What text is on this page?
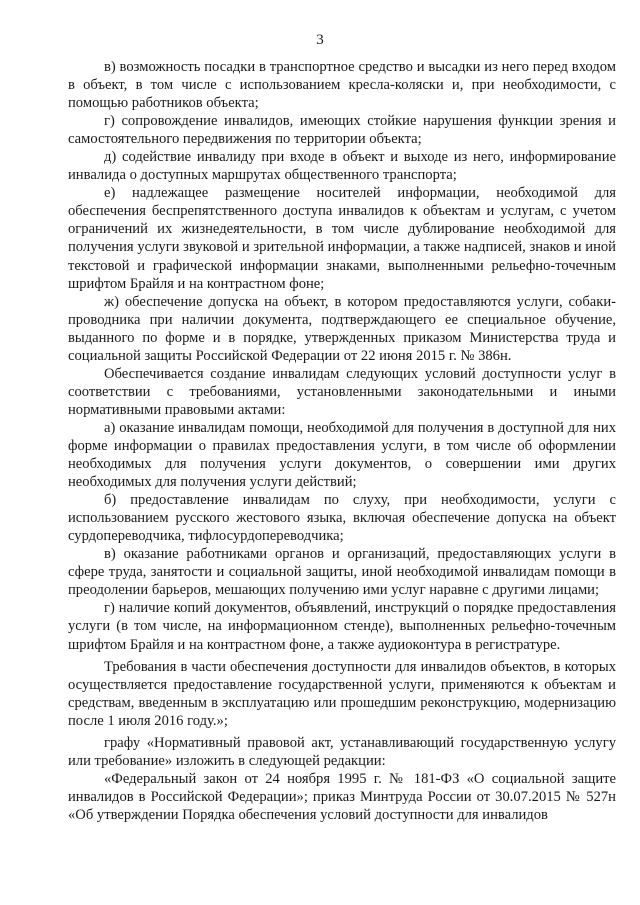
3

в) возможность посадки в транспортное средство и высадки из него перед входом в объект, в том числе с использованием кресла-коляски и, при необходимости, с помощью работников объекта;

г) сопровождение инвалидов, имеющих стойкие нарушения функции зрения и самостоятельного передвижения по территории объекта;

д) содействие инвалиду при входе в объект и выходе из него, информирование инвалида о доступных маршрутах общественного транспорта;

е) надлежащее размещение носителей информации, необходимой для обеспечения беспрепятственного доступа инвалидов к объектам и услугам, с учетом ограничений их жизнедеятельности, в том числе дублирование необходимой для получения услуги звуковой и зрительной информации, а также надписей, знаков и иной текстовой и графической информации знаками, выполненными рельефно-точечным шрифтом Брайля и на контрастном фоне;

ж) обеспечение допуска на объект, в котором предоставляются услуги, собаки-проводника при наличии документа, подтверждающего ее специальное обучение, выданного по форме и в порядке, утвержденных приказом Министерства труда и социальной защиты Российской Федерации от 22 июня 2015 г. № 386н.

Обеспечивается создание инвалидам следующих условий доступности услуг в соответствии с требованиями, установленными законодательными и иными нормативными правовыми актами:

а) оказание инвалидам помощи, необходимой для получения в доступной для них форме информации о правилах предоставления услуги, в том числе об оформлении необходимых для получения услуги документов, о совершении ими других необходимых для получения услуги действий;

б) предоставление инвалидам по слуху, при необходимости, услуги с использованием русского жестового языка, включая обеспечение допуска на объект сурдопереводчика, тифлосурдопереводчика;

в) оказание работниками органов и организаций, предоставляющих услуги в сфере труда, занятости и социальной защиты, иной необходимой инвалидам помощи в преодолении барьеров, мешающих получению ими услуг наравне с другими лицами;

г) наличие копий документов, объявлений, инструкций о порядке предоставления услуги (в том числе, на информационном стенде), выполненных рельефно-точечным шрифтом Брайля и на контрастном фоне, а также аудиоконтура в регистратуре.

Требования в части обеспечения доступности для инвалидов объектов, в которых осуществляется предоставление государственной услуги, применяются к объектам и средствам, введенным в эксплуатацию или прошедшим реконструкцию, модернизацию после 1 июля 2016 году.»;

графу «Нормативный правовой акт, устанавливающий государственную услугу или требование» изложить в следующей редакции:

«Федеральный закон от 24 ноября 1995 г. № 181-ФЗ «О социальной защите инвалидов в Российской Федерации»; приказ Минтруда России от 30.07.2015 № 527н «Об утверждении Порядка обеспечения условий доступности для инвалидов
